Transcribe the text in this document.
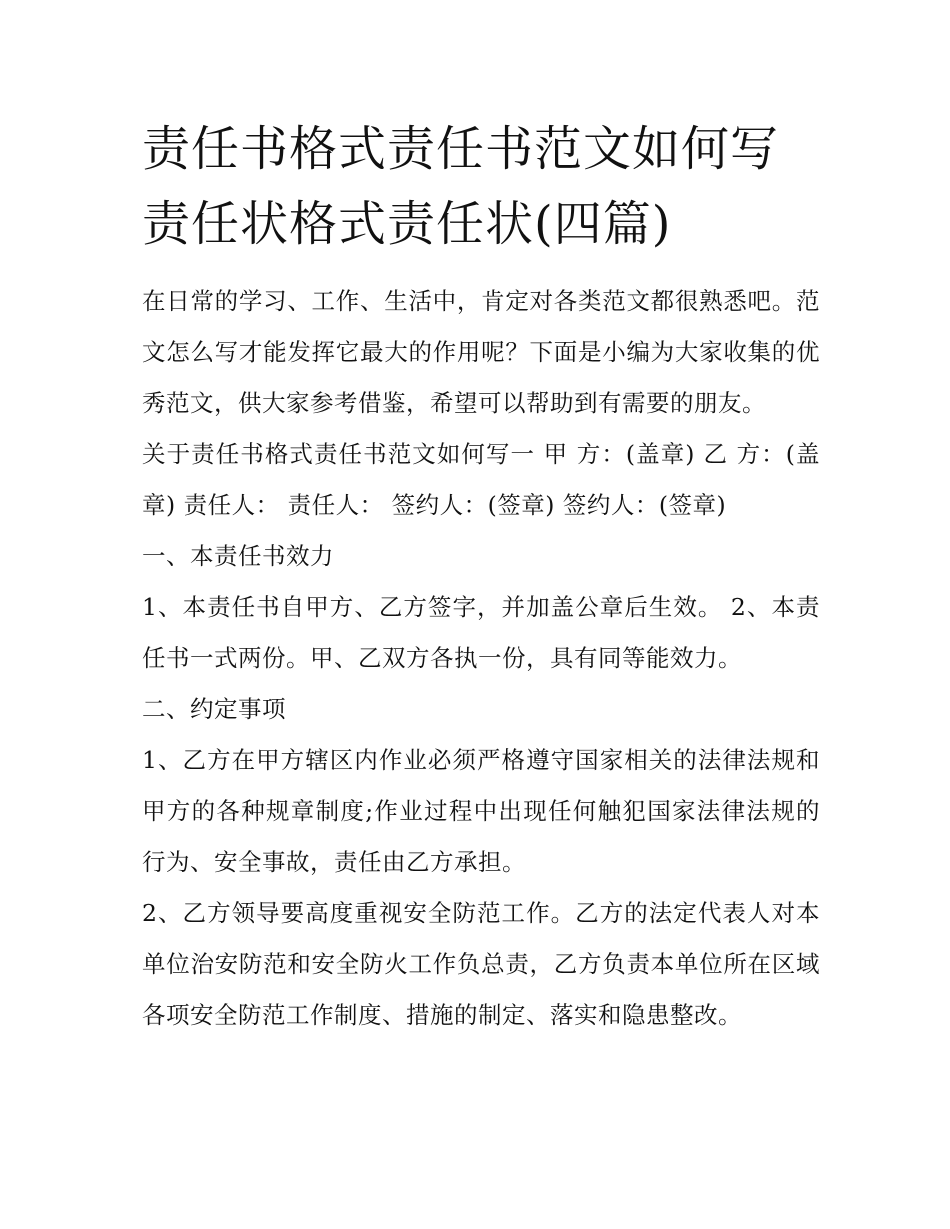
责任书格式责任书范文如何写责任状格式责任状(四篇)

在日常的学习、工作、生活中，肯定对各类范文都很熟悉吧。范文怎么写才能发挥它最大的作用呢？下面是小编为大家收集的优秀范文，供大家参考借鉴，希望可以帮助到有需要的朋友。

关于责任书格式责任书范文如何写一 甲 方：(盖章) 乙 方：(盖章) 责任人： 责任人： 签约人：(签章) 签约人：(签章)

一、本责任书效力

1、本责任书自甲方、乙方签字，并加盖公章后生效。 2、本责任书一式两份。甲、乙双方各执一份，具有同等能效力。

二、约定事项

1、乙方在甲方辖区内作业必须严格遵守国家相关的法律法规和甲方的各种规章制度;作业过程中出现任何触犯国家法律法规的行为、安全事故，责任由乙方承担。

2、乙方领导要高度重视安全防范工作。乙方的法定代表人对本单位治安防范和安全防火工作负总责，乙方负责本单位所在区域各项安全防范工作制度、措施的制定、落实和隐患整改。
